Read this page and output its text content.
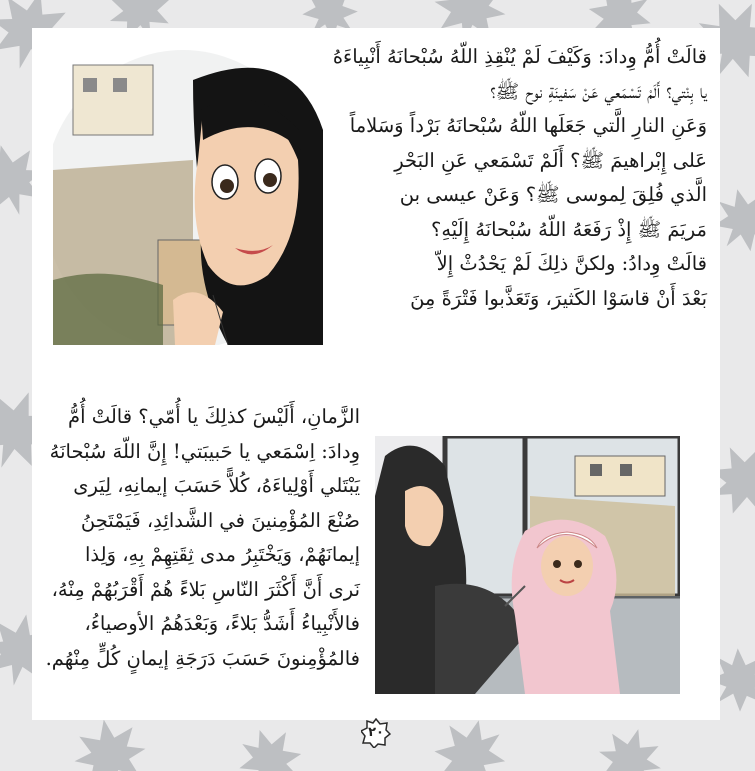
قالَتْ أُمُّ وِدادَ: وَكَيْفَ لَمْ يُنْقِذِ اللّهُ سُبْحانَهُ أَنْبِياءَهُ
يا بِنْتي؟ أَلَمْ تَسْمَعي عَنْ سَفينَةِ نوح ﷺ؟
وَعَنِ النارِ الَّتي جَعَلَها اللّهُ سُبْحانَهُ بَرْداً وَسَلاماً
عَلى إِبْراهيمَ ﷺ؟ أَلَمْ تَسْمَعي عَنِ البَحْرِ
الَّذي فُلِقَ لِموسى ﷺ؟ وَعَنْ عيسى بن
مَريَمَ ﷺ إِذْ رَفَعَهُ اللّهُ سُبْحانَهُ إِلَيْهِ؟
قالَتْ وِدادُ: ولكنَّ ذلِكَ لَمْ يَحْدُثْ إِلاّ
بَعْدَ أَنْ قاسَوْا الكَثيرَ، وَتَعَذَّبوا فَتْرَةً مِنَ
الزَّمانِ، أَلَيْسَ كذلِكَ يا أُمّي؟ قالَتْ أُمُّ
وِدادَ: اِسْمَعي يا حَبيبَتي! إِنَّ اللّهَ سُبْحانَهُ
يَبْتَلي أَوْلِياءَهُ، كُلاًّ حَسَبَ إيمانِهِ، لِيَرى
صُنْعَ المُؤْمِنينَ في الشَّدائِدِ، فَيَمْتَحِنُ
إيمانَهُمْ، وَيَخْتَبِرُ مدى ثِقَتِهِمْ بِهِ، وَلِذا
نَرى أَنَّ أَكْثَرَ النّاسِ بَلاءً هُمْ أَقْرَبُهُمْ مِنْهُ،
فالأَنْبِياءُ أَشَدُّ بَلاءً، وَبَعْدَهُمُ الأوصياءُ،
فالمُؤْمِنونَ حَسَبَ دَرَجَةِ إيمانٍ كُلٍّ مِنْهُم.
٢٠
